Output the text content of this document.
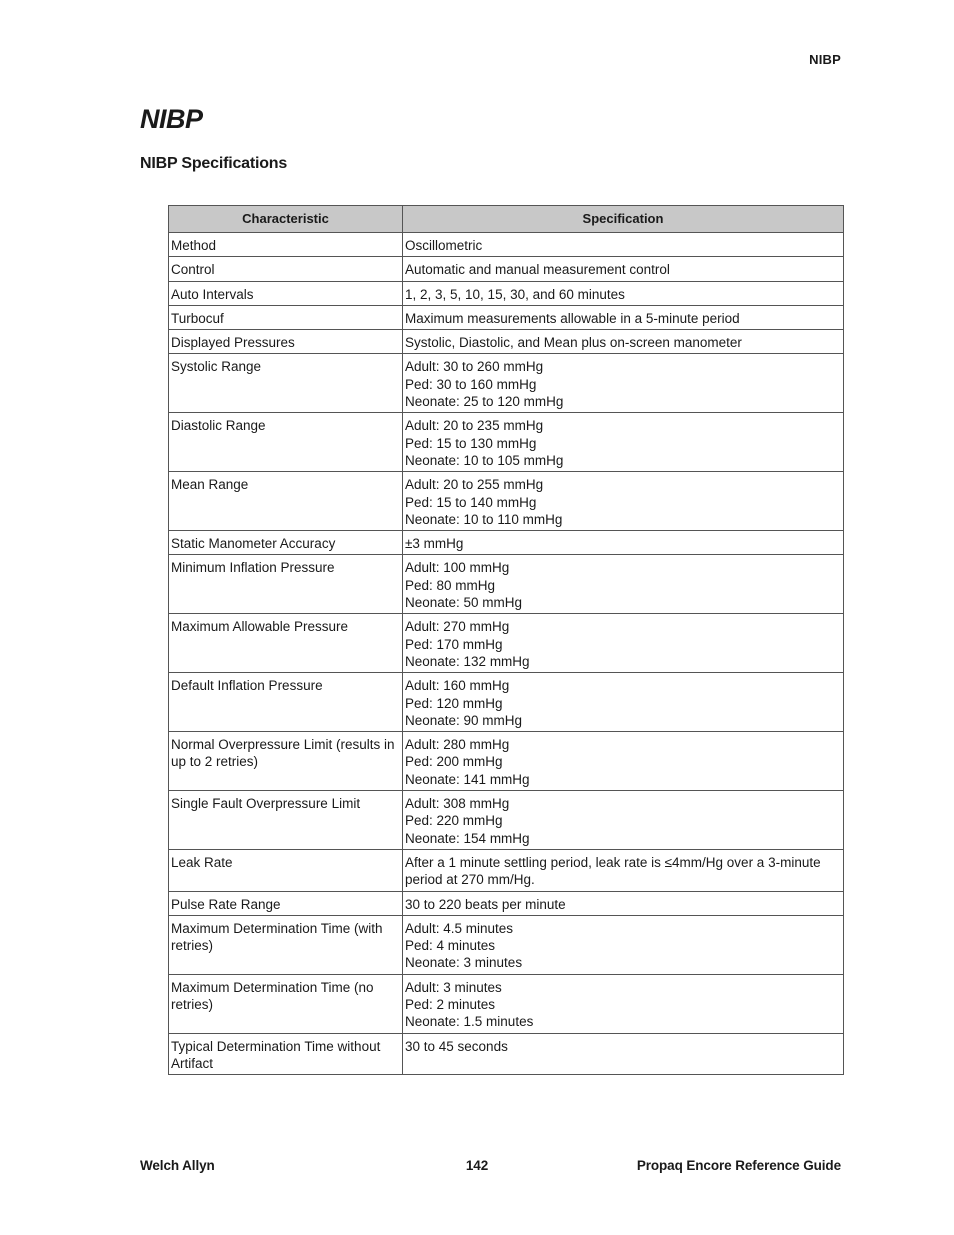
NIBP
NIBP
NIBP Specifications
Characteristic	Specification
Method	Oscillometric

Control	Automatic and manual measurement control

Auto Intervals	1, 2, 3, 5, 10, 15, 30, and 60 minutes

Turbocuf	Maximum measurements allowable in a 5-minute period

Displayed Pressures	Systolic, Diastolic, and Mean plus on-screen manometer

Systolic Range	Adult: 30 to 260 mmHg
Ped: 30 to 160 mmHg
Neonate: 25 to 120 mmHg

Diastolic Range	Adult: 20 to 235 mmHg
Ped: 15 to 130 mmHg
Neonate: 10 to 105 mmHg

Mean Range	Adult: 20 to 255 mmHg
Ped: 15 to 140 mmHg
Neonate: 10 to 110 mmHg

Static Manometer Accuracy	±3 mmHg

Minimum Inflation Pressure	Adult: 100 mmHg
Ped: 80 mmHg
Neonate: 50 mmHg

Maximum Allowable Pressure	Adult: 270 mmHg
Ped: 170 mmHg
Neonate: 132 mmHg

Default Inflation Pressure	Adult: 160 mmHg
Ped: 120 mmHg
Neonate: 90 mmHg

Normal Overpressure Limit (results in up to 2 retries)	Adult: 280 mmHg
Ped: 200 mmHg
Neonate: 141 mmHg

Single Fault Overpressure Limit	Adult: 308 mmHg
Ped: 220 mmHg
Neonate: 154 mmHg

Leak Rate	After a 1 minute settling period, leak rate is ≤4mm/Hg over a 3-minute period at 270 mm/Hg.

Pulse Rate Range	30 to 220 beats per minute

Maximum Determination Time (with retries)	Adult: 4.5 minutes
Ped: 4 minutes
Neonate: 3 minutes

Maximum Determination Time (no retries)	Adult: 3 minutes
Ped: 2 minutes
Neonate: 1.5 minutes

Typical Determination Time without Artifact	30 to 45 seconds
Welch Allyn	142	Propaq Encore Reference Guide
